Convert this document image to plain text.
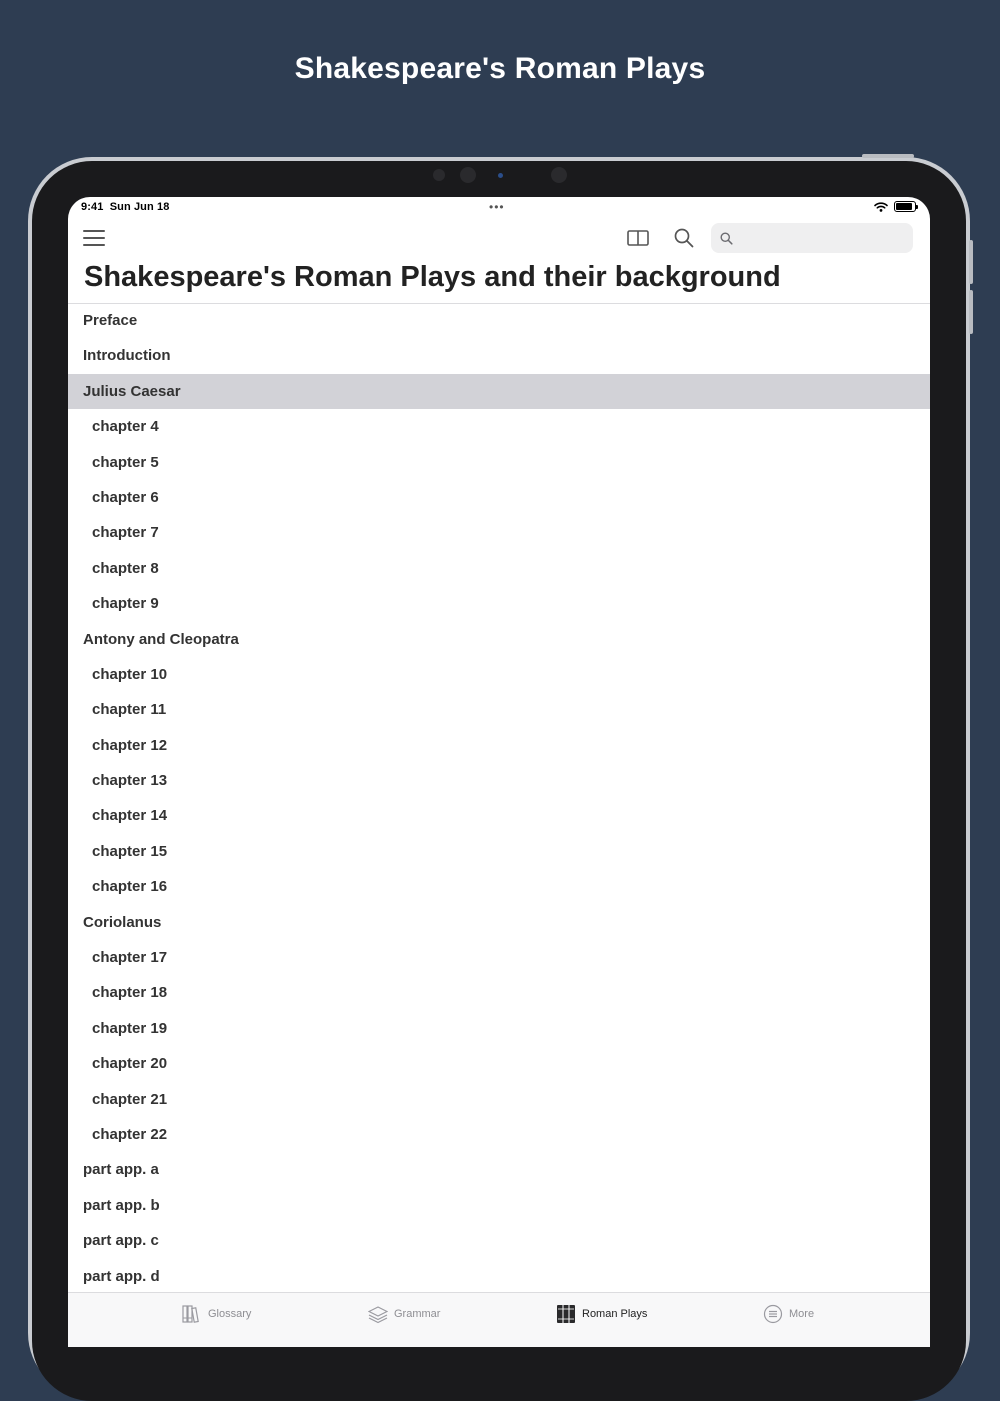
Shakespeare's Roman Plays
9:41 Sun Jun 18	•••
Shakespeare's Roman Plays and their background
Preface
Introduction
Julius Caesar
chapter 4
chapter 5
chapter 6
chapter 7
chapter 8
chapter 9
Antony and Cleopatra
chapter 10
chapter 11
chapter 12
chapter 13
chapter 14
chapter 15
chapter 16
Coriolanus
chapter 17
chapter 18
chapter 19
chapter 20
chapter 21
chapter 22
part app. a
part app. b
part app. c
part app. d
Glossary	Grammar	Roman Plays	More
